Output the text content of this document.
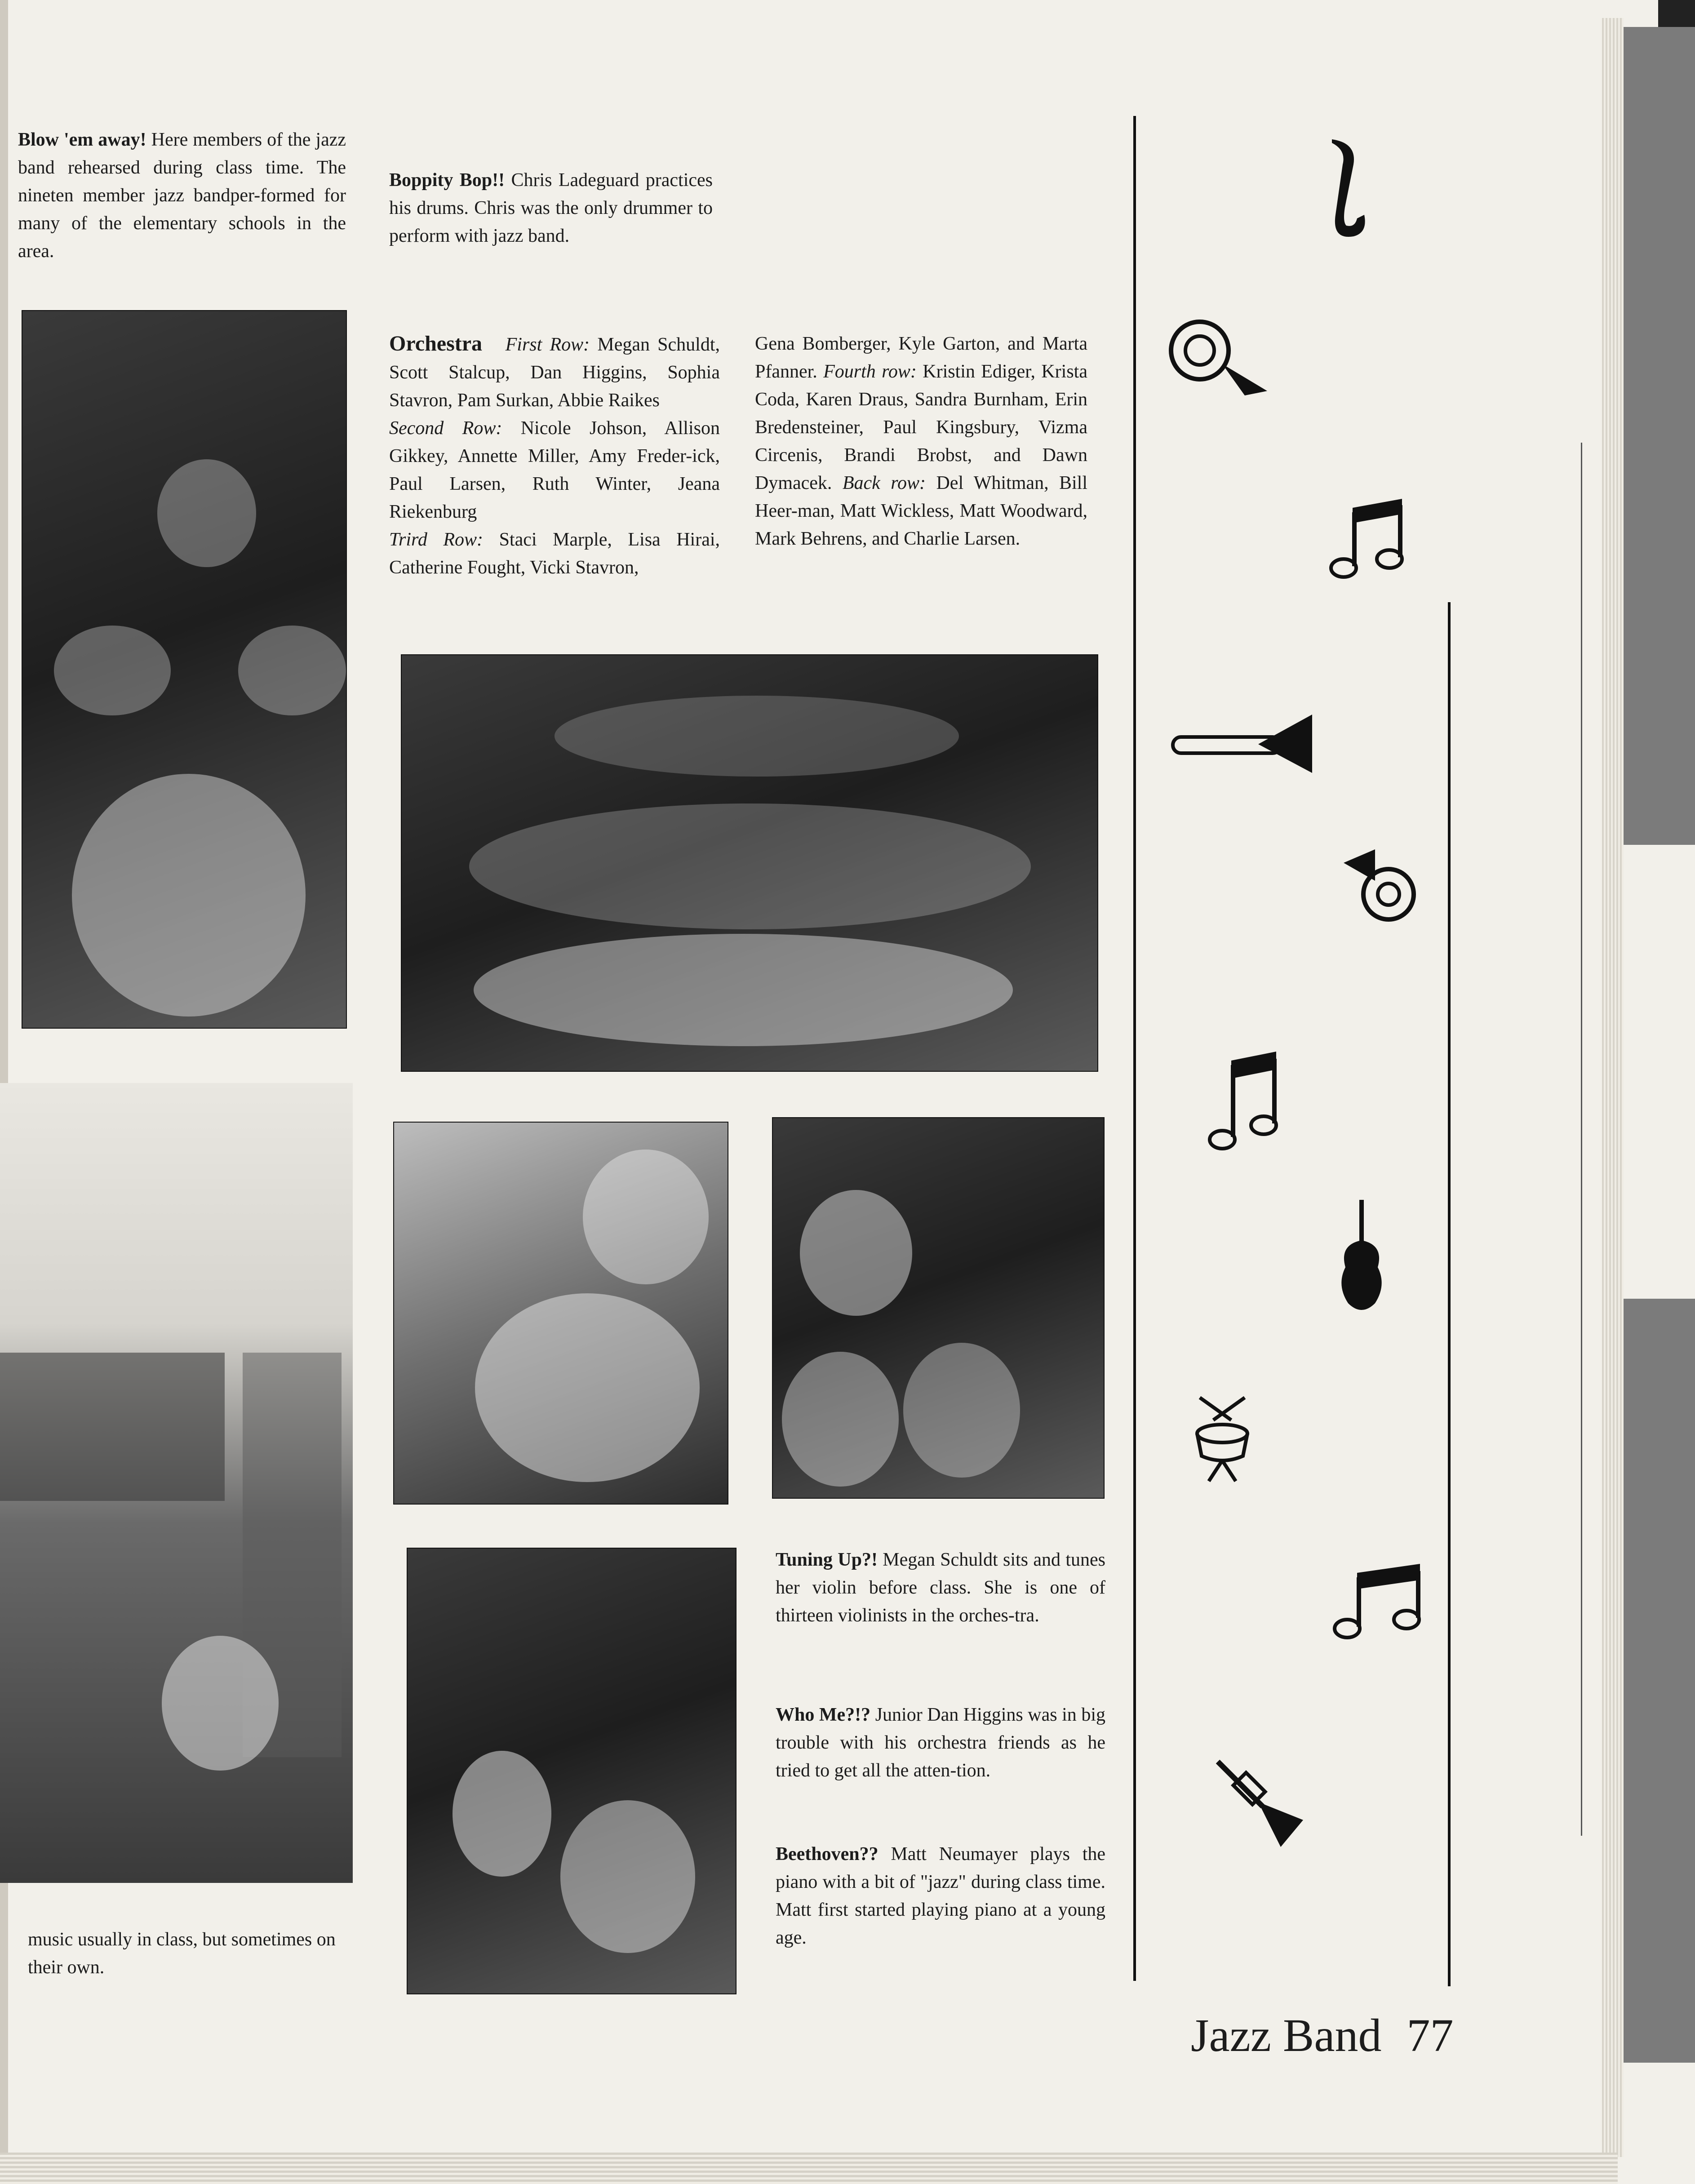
Blow 'em away! Here members of the jazz band rehearsed during class time. The nineten member jazz bandper-formed for many of the elementary schools in the area.
Boppity Bop!! Chris Ladeguard practices his drums. Chris was the only drummer to perform with jazz band.
Orchestra First Row: Megan Schuldt, Scott Stalcup, Dan Higgins, Sophia Stavron, Pam Surkan, Abbie Raikes
Second Row: Nicole Johson, Allison Gikkey, Annette Miller, Amy Freder-ick, Paul Larsen, Ruth Winter, Jeana Riekenburg
Trird Row: Staci Marple, Lisa Hirai, Catherine Fought, Vicki Stavron,
Gena Bomberger, Kyle Garton, and Marta Pfanner. Fourth row: Kristin Ediger, Krista Coda, Karen Draus, Sandra Burnham, Erin Bredensteiner, Paul Kingsbury, Vizma Circenis, Brandi Brobst, and Dawn Dymacek. Back row: Del Whitman, Bill Heer-man, Matt Wickless, Matt Woodward, Mark Behrens, and Charlie Larsen.
Tuning Up?! Megan Schuldt sits and tunes her violin before class. She is one of thirteen violinists in the orches-tra.
Who Me?!? Junior Dan Higgins was in big trouble with his orchestra friends as he tried to get all the atten-tion.
Beethoven?? Matt Neumayer plays the piano with a bit of "jazz" during class time. Matt first started playing piano at a young age.
music usually in class, but sometimes on their own.
Jazz Band 77
